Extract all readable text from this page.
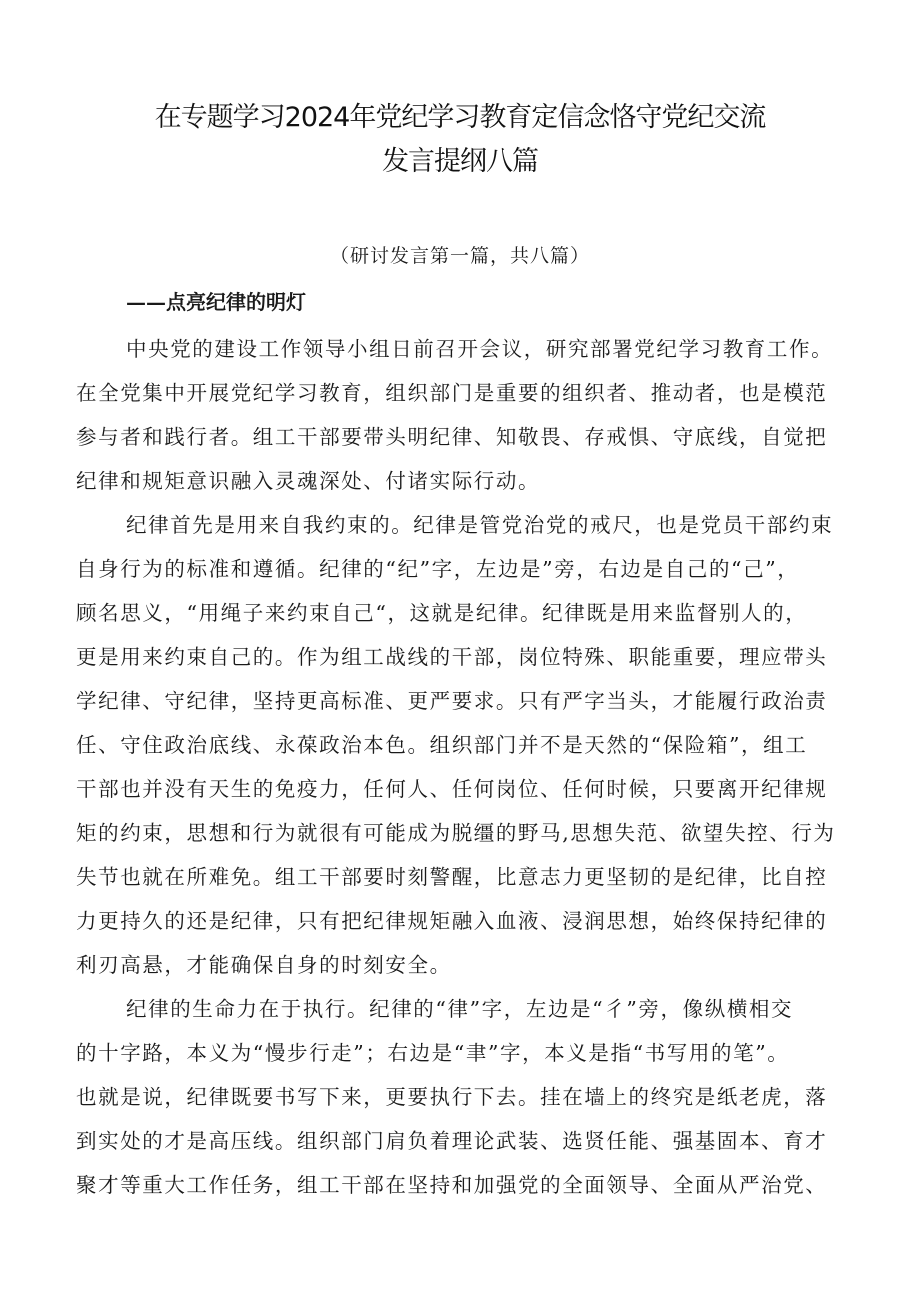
在专题学习2024年党纪学习教育定信念恪守党纪交流
发言提纲八篇
（研讨发言第一篇，共八篇）
——点亮纪律的明灯
中央党的建设工作领导小组日前召开会议，研究部署党纪学习教育工作。
在全党集中开展党纪学习教育，组织部门是重要的组织者、推动者，也是模范
参与者和践行者。组工干部要带头明纪律、知敬畏、存戒惧、守底线，自觉把
纪律和规矩意识融入灵魂深处、付诸实际行动。
纪律首先是用来自我约束的。纪律是管党治党的戒尺，也是党员干部约束
自身行为的标准和遵循。纪律的“纪”字，左边是”旁，右边是自己的“己”，
顾名思义，“用绳子来约束自己“，这就是纪律。纪律既是用来监督别人的，
更是用来约束自己的。作为组工战线的干部，岗位特殊、职能重要，理应带头
学纪律、守纪律，坚持更高标准、更严要求。只有严字当头，才能履行政治责
任、守住政治底线、永葆政治本色。组织部门并不是天然的“保险箱”，组工
干部也并没有天生的免疫力，任何人、任何岗位、任何时候，只要离开纪律规
矩的约束，思想和行为就很有可能成为脱缰的野马,思想失范、欲望失控、行为
失节也就在所难免。组工干部要时刻警醒，比意志力更坚韧的是纪律，比自控
力更持久的还是纪律，只有把纪律规矩融入血液、浸润思想，始终保持纪律的
利刃高悬，才能确保自身的时刻安全。
纪律的生命力在于执行。纪律的“律”字，左边是“彳”旁，像纵横相交
的十字路，本义为“慢步行走”；右边是“聿”字，本义是指“书写用的笔”。
也就是说，纪律既要书写下来，更要执行下去。挂在墙上的终究是纸老虎，落
到实处的才是高压线。组织部门肩负着理论武装、选贤任能、强基固本、育才
聚才等重大工作任务，组工干部在坚持和加强党的全面领导、全面从严治党、
